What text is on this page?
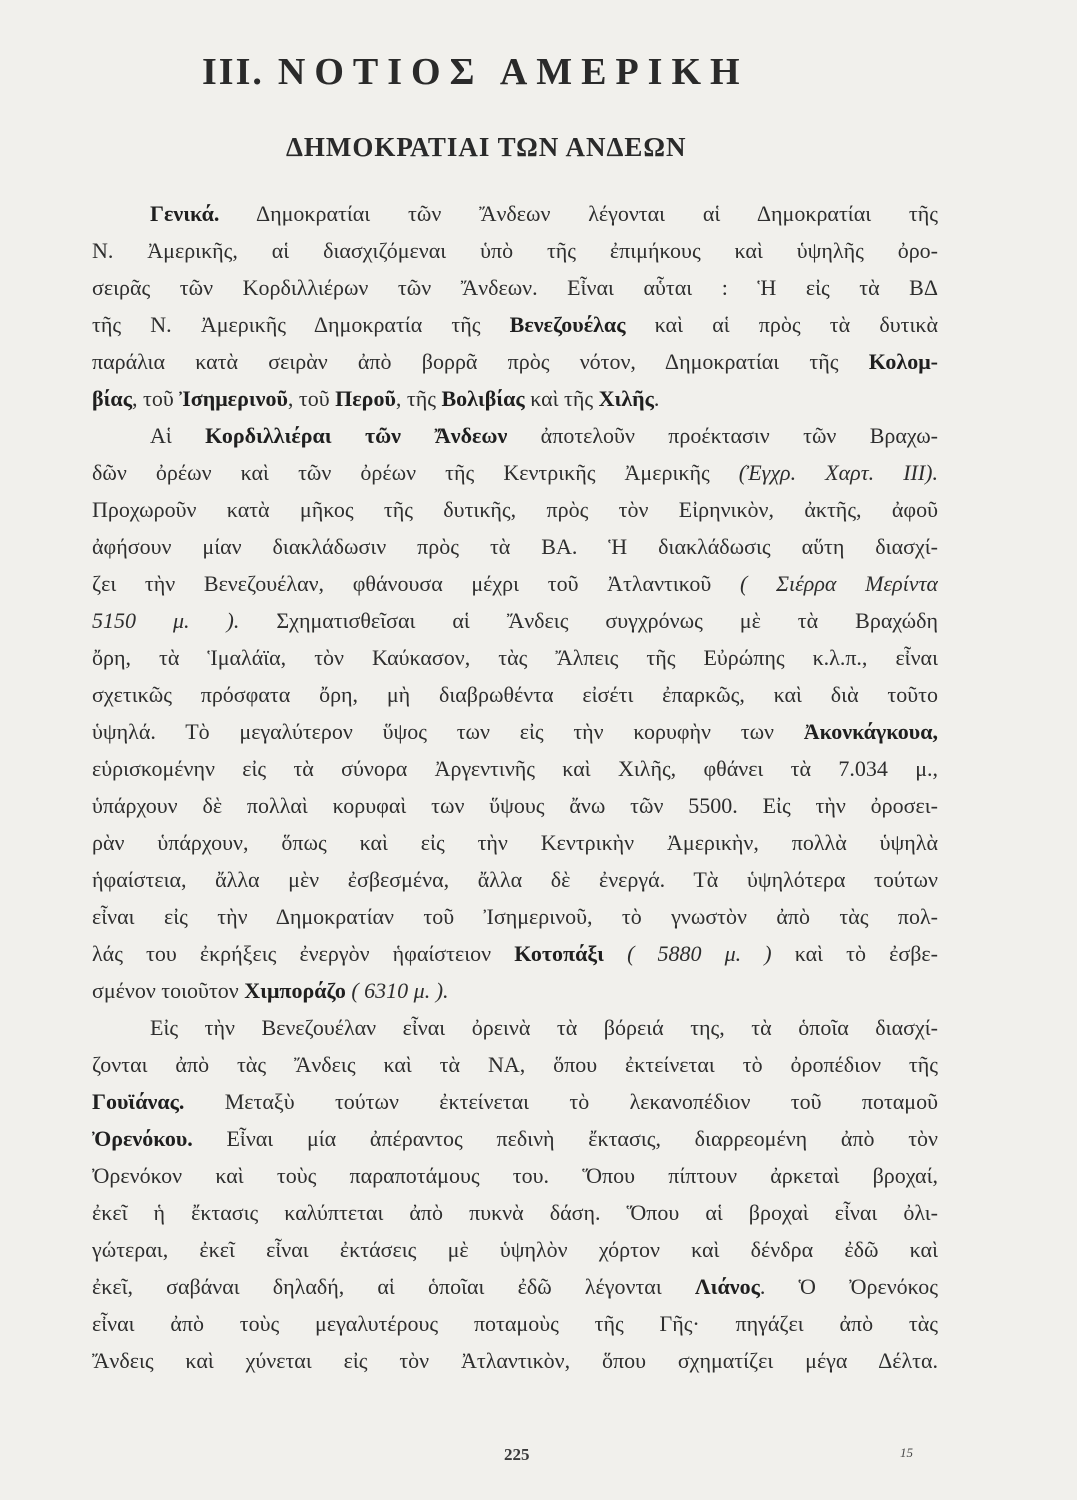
III. ΝΟΤΙΟΣ ΑΜΕΡΙΚΗ
ΔΗΜΟΚΡΑΤΙΑΙ ΤΩΝ ΑΝΔΕΩΝ
Γενικά. Δημοκρατίαι τῶν Ἄνδεων λέγονται αἱ Δημοκρατίαι τῆς
Ν. Ἀμερικῆς, αἱ διασχιζόμεναι ὑπὸ τῆς ἐπιμήκους καὶ ὑψηλῆς ὀρο-
σειρᾶς τῶν Κορδιλλιέρων τῶν Ἄνδεων. Εἶναι αὗται : Ἡ εἰς τὰ ΒΔ
τῆς Ν. Ἀμερικῆς Δημοκρατία τῆς Βενεζουέλας καὶ αἱ πρὸς τὰ δυτικὰ
παράλια κατὰ σειρὰν ἀπὸ βορρᾶ πρὸς νότον, Δημοκρατίαι τῆς Κολομ-
βίας, τοῦ Ἰσημερινοῦ, τοῦ Περοῦ, τῆς Βολιβίας καὶ τῆς Χιλῆς.
Αἱ Κορδιλλιέραι τῶν Ἄνδεων ἀποτελοῦν προέκτασιν τῶν Βραχω-
δῶν ὀρέων καὶ τῶν ὀρέων τῆς Κεντρικῆς Ἀμερικῆς (Ἐγχρ. Χαρτ. ΙΙΙ).
Προχωροῦν κατὰ μῆκος τῆς δυτικῆς, πρὸς τὸν Εἰρηνικὸν, ἀκτῆς, ἀφοῦ
ἀφήσουν μίαν διακλάδωσιν πρὸς τὰ ΒΑ. Ἡ διακλάδωσις αὕτη διασχί-
ζει τὴν Βενεζουέλαν, φθάνουσα μέχρι τοῦ Ἀτλαντικοῦ ( Σιέρρα Μερίντα
5150 μ. ). Σχηματισθεῖσαι αἱ Ἄνδεις συγχρόνως μὲ τὰ Βραχώδη
ὄρη, τὰ Ἱμαλάϊα, τὸν Καύκασον, τὰς Ἄλπεις τῆς Εὐρώπης κ.λ.π., εἶναι
σχετικῶς πρόσφατα ὄρη, μὴ διαβρωθέντα εἰσέτι ἐπαρκῶς, καὶ διὰ τοῦτο
ὑψηλά. Τὸ μεγαλύτερον ὕψος των εἰς τὴν κορυφὴν των Ἀκονκάγκουα,
εὑρισκομένην εἰς τὰ σύνορα Ἀργεντινῆς καὶ Χιλῆς, φθάνει τὰ 7.034 μ.,
ὑπάρχουν δὲ πολλαὶ κορυφαὶ των ὕψους ἄνω τῶν 5500. Εἰς τὴν ὀροσει-
ρὰν ὑπάρχουν, ὅπως καὶ εἰς τὴν Κεντρικὴν Ἀμερικὴν, πολλὰ ὑψηλὰ
ἡφαίστεια, ἄλλα μὲν ἐσβεσμένα, ἄλλα δὲ ἐνεργά. Τὰ ὑψηλότερα τούτων
εἶναι εἰς τὴν Δημοκρατίαν τοῦ Ἰσημερινοῦ, τὸ γνωστὸν ἀπὸ τὰς πολ-
λάς του ἐκρήξεις ἐνεργὸν ἡφαίστειον Κοτοπάξι ( 5880 μ. ) καὶ τὸ ἐσβε-
σμένον τοιοῦτον Χιμποράζο ( 6310 μ. ).
Εἰς τὴν Βενεζουέλαν εἶναι ὀρεινὰ τὰ βόρειά της, τὰ ὁποῖα διασχί-
ζονται ἀπὸ τὰς Ἄνδεις καὶ τὰ ΝΑ, ὅπου ἐκτείνεται τὸ ὀροπέδιον τῆς
Γουϊάνας. Μεταξὺ τούτων ἐκτείνεται τὸ λεκανοπέδιον τοῦ ποταμοῦ
Ὀρενόκου. Εἶναι μία ἀπέραντος πεδινὴ ἔκτασις, διαρρεομένη ἀπὸ τὸν
Ὀρενόκον καὶ τοὺς παραποτάμους του. Ὅπου πίπτουν ἀρκεταὶ βροχαί,
ἐκεῖ ἡ ἔκτασις καλύπτεται ἀπὸ πυκνὰ δάση. Ὅπου αἱ βροχαὶ εἶναι ὀλι-
γώτεραι, ἐκεῖ εἶναι ἐκτάσεις μὲ ὑψηλὸν χόρτον καὶ δένδρα ἐδῶ καὶ
ἐκεῖ, σαβάναι δηλαδή, αἱ ὁποῖαι ἐδῶ λέγονται Λιάνος. Ὁ Ὀρενόκος
εἶναι ἀπὸ τοὺς μεγαλυτέρους ποταμοὺς τῆς Γῆς· πηγάζει ἀπὸ τὰς
Ἄνδεις καὶ χύνεται εἰς τὸν Ἀτλαντικὸν, ὅπου σχηματίζει μέγα Δέλτα.
225	15
